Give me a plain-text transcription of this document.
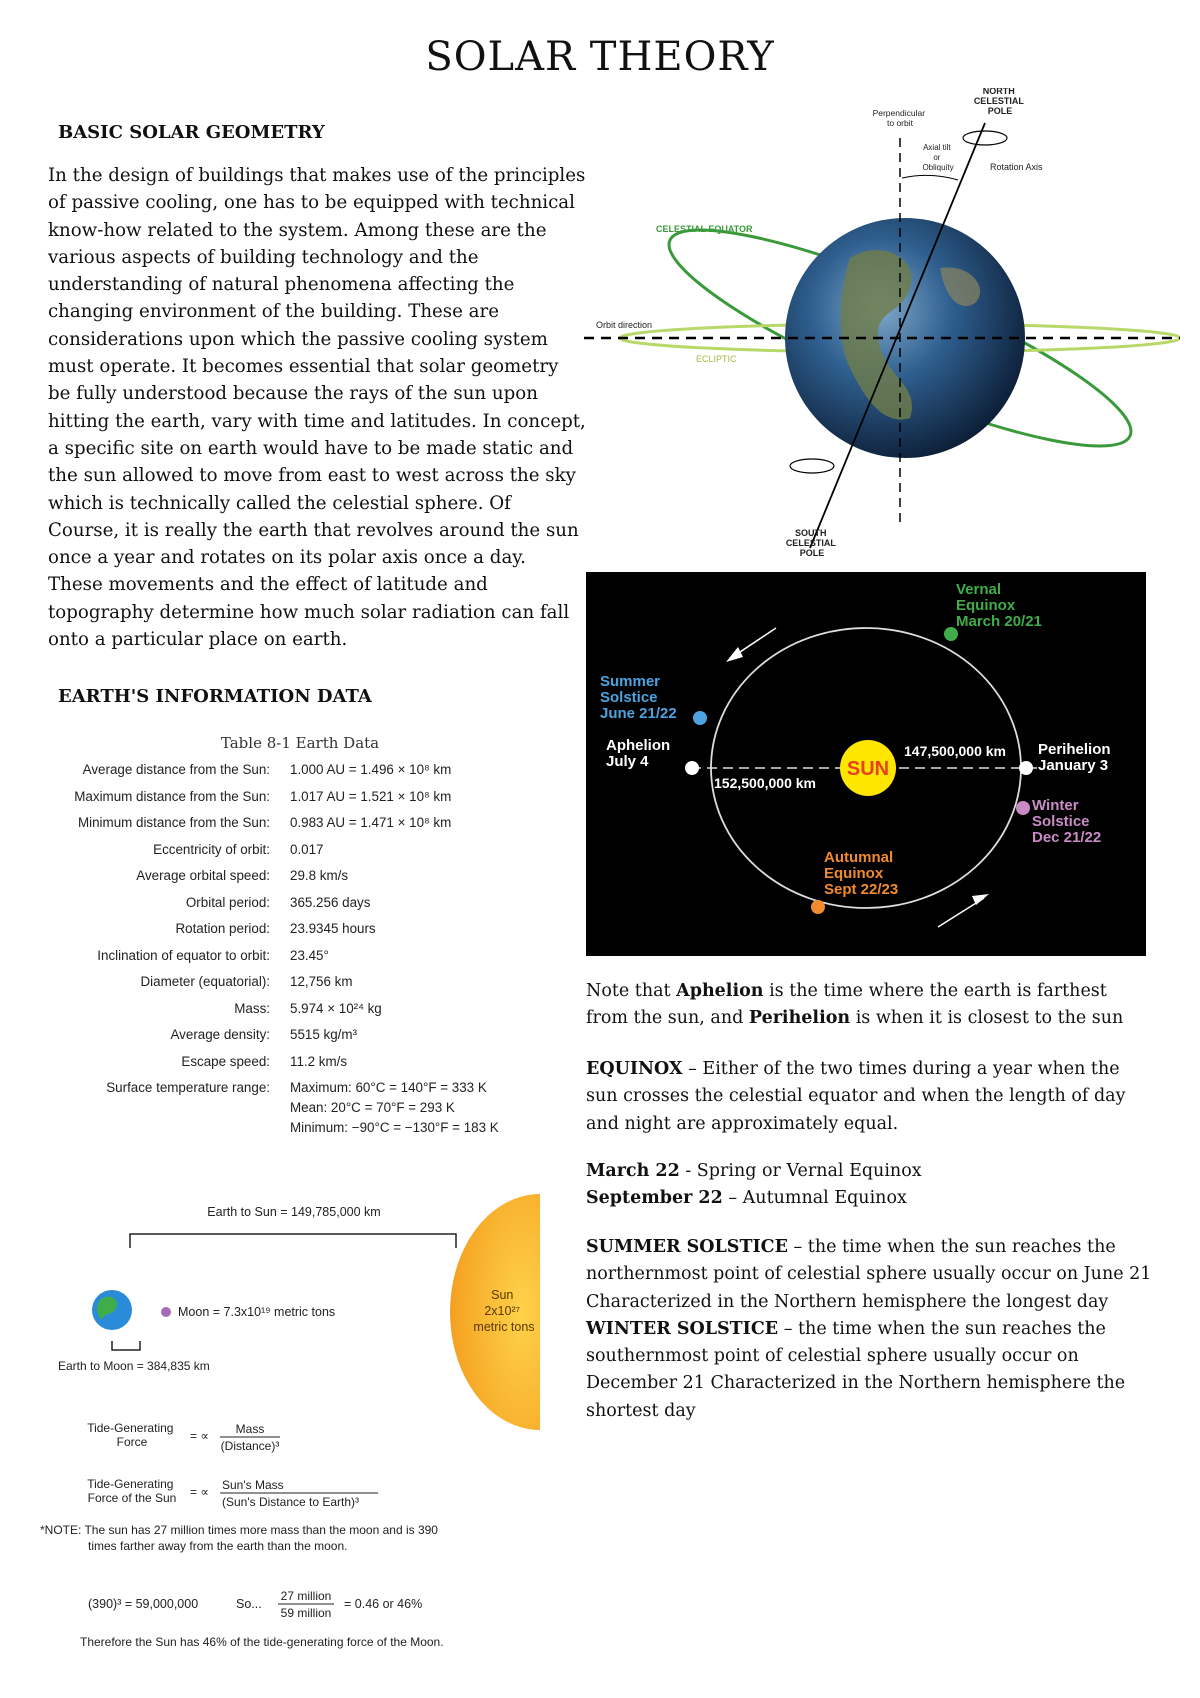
SOLAR THEORY
BASIC SOLAR GEOMETRY
In the design of buildings that makes use of the principles of passive cooling, one has to be equipped with technical know-how related to the system. Among these are the various aspects of building technology and the understanding of natural phenomena affecting the changing environment of the building. These are considerations upon which the passive cooling system must operate. It becomes essential that solar geometry be fully understood because the rays of the sun upon hitting the earth, vary with time and latitudes. In concept, a specific site on earth would have to be made static and the sun allowed to move from east to west across the sky which is technically called the celestial sphere. Of Course, it is really the earth that revolves around the sun once a year and rotates on its polar axis once a day. These movements and the effect of latitude and topography determine how much solar radiation can fall onto a particular place on earth.
EARTH'S INFORMATION DATA
Table 8-1 Earth Data
Average distance from the Sun:	1.000 AU = 1.496 × 10⁸ km
Maximum distance from the Sun:	1.017 AU = 1.521 × 10⁸ km
Minimum distance from the Sun:	0.983 AU = 1.471 × 10⁸ km
Eccentricity of orbit:	0.017
Average orbital speed:	29.8 km/s
Orbital period:	365.256 days
Rotation period:	23.9345 hours
Inclination of equator to orbit:	23.45°
Diameter (equatorial):	12,756 km
Mass:	5.974 × 10²⁴ kg
Average density:	5515 kg/m³
Escape speed:	11.2 km/s
Surface temperature range:	Maximum: 60°C = 140°F = 333 K
Mean: 20°C = 70°F = 293 K
Minimum: −90°C = −130°F = 183 K
NORTH CELESTIAL POLE
Perpendicular to orbit
Axial tilt or Obliquity	Rotation Axis
CELESTIAL EQUATOR
Orbit direction
ECLIPTIC
SOUTH CELESTIAL POLE
SUN
Vernal Equinox March 20/21
Summer Solstice June 21/22
Aphelion July 4
Perihelion January 3
Winter Solstice Dec 21/22
Autumnal Equinox Sept 22/23
147,500,000 km
152,500,000 km
Note that Aphelion is the time where the earth is farthest from the sun, and Perihelion is when it is closest to the sun
EQUINOX – Either of the two times during a year when the sun crosses the celestial equator and when the length of day and night are approximately equal.
March 22 - Spring or Vernal Equinox
September 22 – Autumnal Equinox
SUMMER SOLSTICE – the time when the sun reaches the northernmost point of celestial sphere usually occur on June 21 Characterized in the Northern hemisphere the longest day
WINTER SOLSTICE – the time when the sun reaches the southernmost point of celestial sphere usually occur on December 21 Characterized in the Northern hemisphere the shortest day
Earth to Sun = 149,785,000 km
Sun 2x10²⁷ metric tons
Moon = 7.3x10¹⁹ metric tons
Earth to Moon = 384,835 km
Tide-Generating Force	= ∝ Mass
(Distance)³
Tide-Generating Force of the Sun = ∝ Sun's Mass
(Sun's Distance to Earth)³
*NOTE: The sun has 27 million times more mass than the moon and is 390
times farther away from the earth than the moon.
(390)³ = 59,000,000	So...
27 million
59 million
= 0.46 or 46%
Therefore the Sun has 46% of the tide-generating force of the Moon.
